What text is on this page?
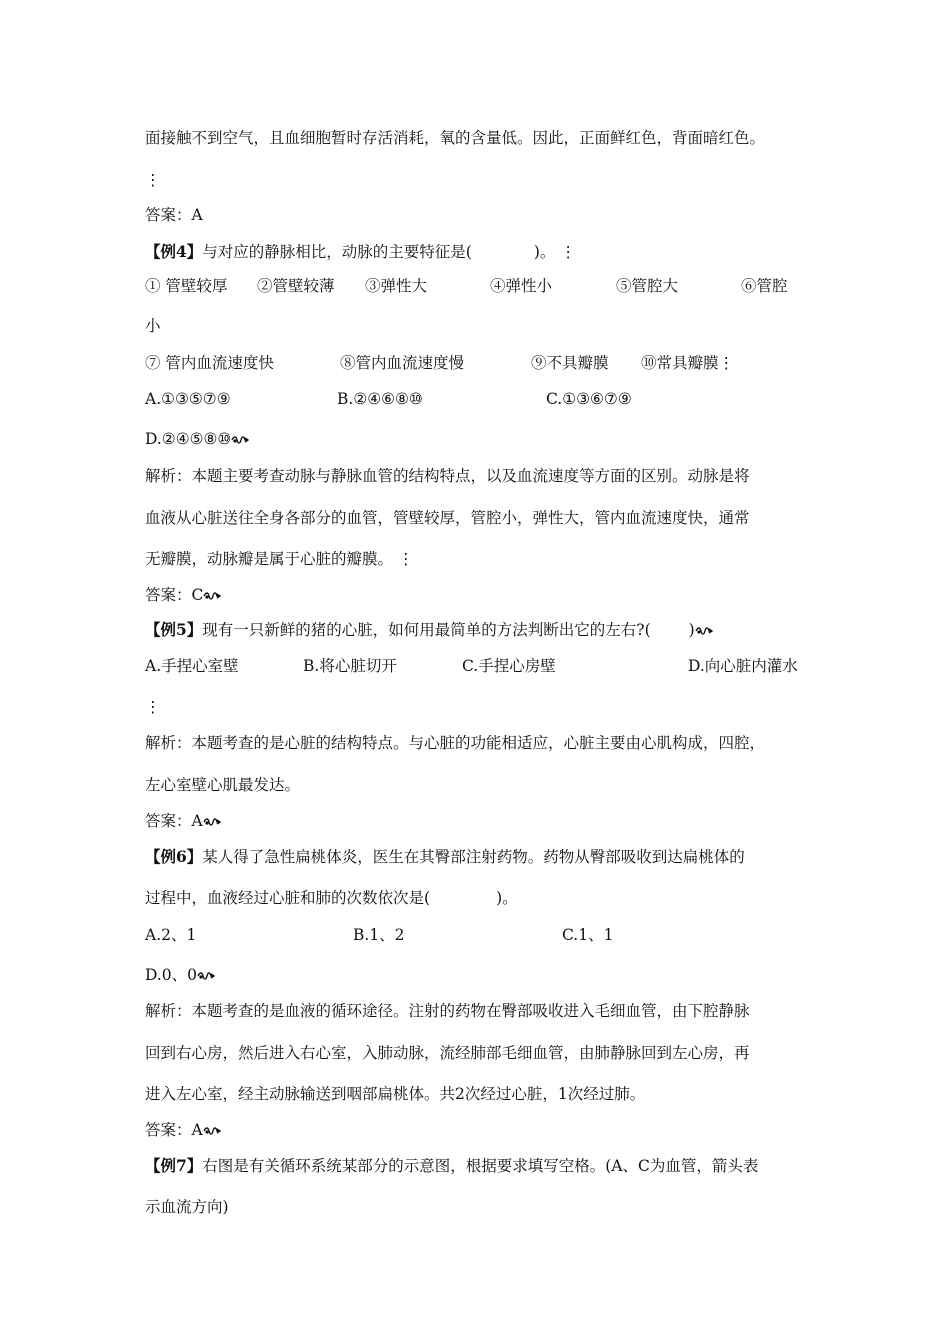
面接触不到空气，且血细胞暂时存活消耗，氧的含量低。因此，正面鲜红色，背面暗红色。
⋮
答案：A
【例4】与对应的静脉相比，动脉的主要特征是(	)。 ⋮
① 管壁较厚 ②管壁较薄 ③弹性大	④弹性小	⑤管腔大	⑥管腔
小
⑦ 管内血流速度快	⑧管内血流速度慢	⑨不具瓣膜 ⑩常具瓣膜⋮
A.①③⑤⑦⑨	B.②④⑥⑧⑩	C.①③⑥⑦⑨
D.②④⑤⑧⑩
解析：本题主要考查动脉与静脉血管的结构特点，以及血流速度等方面的区别。动脉是将
血液从心脏送往全身各部分的血管，管壁较厚，管腔小，弹性大，管内血流速度快，通常
无瓣膜，动脉瓣是属于心脏的瓣膜。 ⋮
答案：C
【例5】现有一只新鲜的猪的心脏，如何用最简单的方法判断出它的左右?( )
A.手捏心室壁	B.将心脏切开	C.手捏心房壁	D.向心脏内灌水
⋮
解析：本题考查的是心脏的结构特点。与心脏的功能相适应，心脏主要由心肌构成，四腔，
左心室壁心肌最发达。
答案：A
【例6】某人得了急性扁桃体炎，医生在其臀部注射药物。药物从臀部吸收到达扁桃体的
过程中，血液经过心脏和肺的次数依次是(	)。
A.2、1	B.1、2	C.1、1
D.0、0
解析：本题考查的是血液的循环途径。注射的药物在臀部吸收进入毛细血管，由下腔静脉
回到右心房，然后进入右心室，入肺动脉，流经肺部毛细血管，由肺静脉回到左心房，再
进入左心室，经主动脉输送到咽部扁桃体。共2次经过心脏，1次经过肺。
答案：A
【例7】右图是有关循环系统某部分的示意图，根据要求填写空格。(A、C为血管，箭头表
示血流方向)
